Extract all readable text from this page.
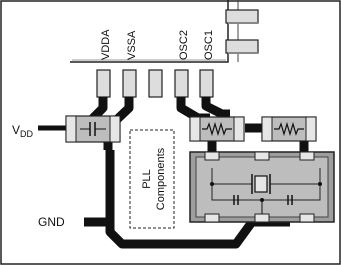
VDDA VSSA	OSC2 OSC1
PLL Components
$V_{DD}$
GND
